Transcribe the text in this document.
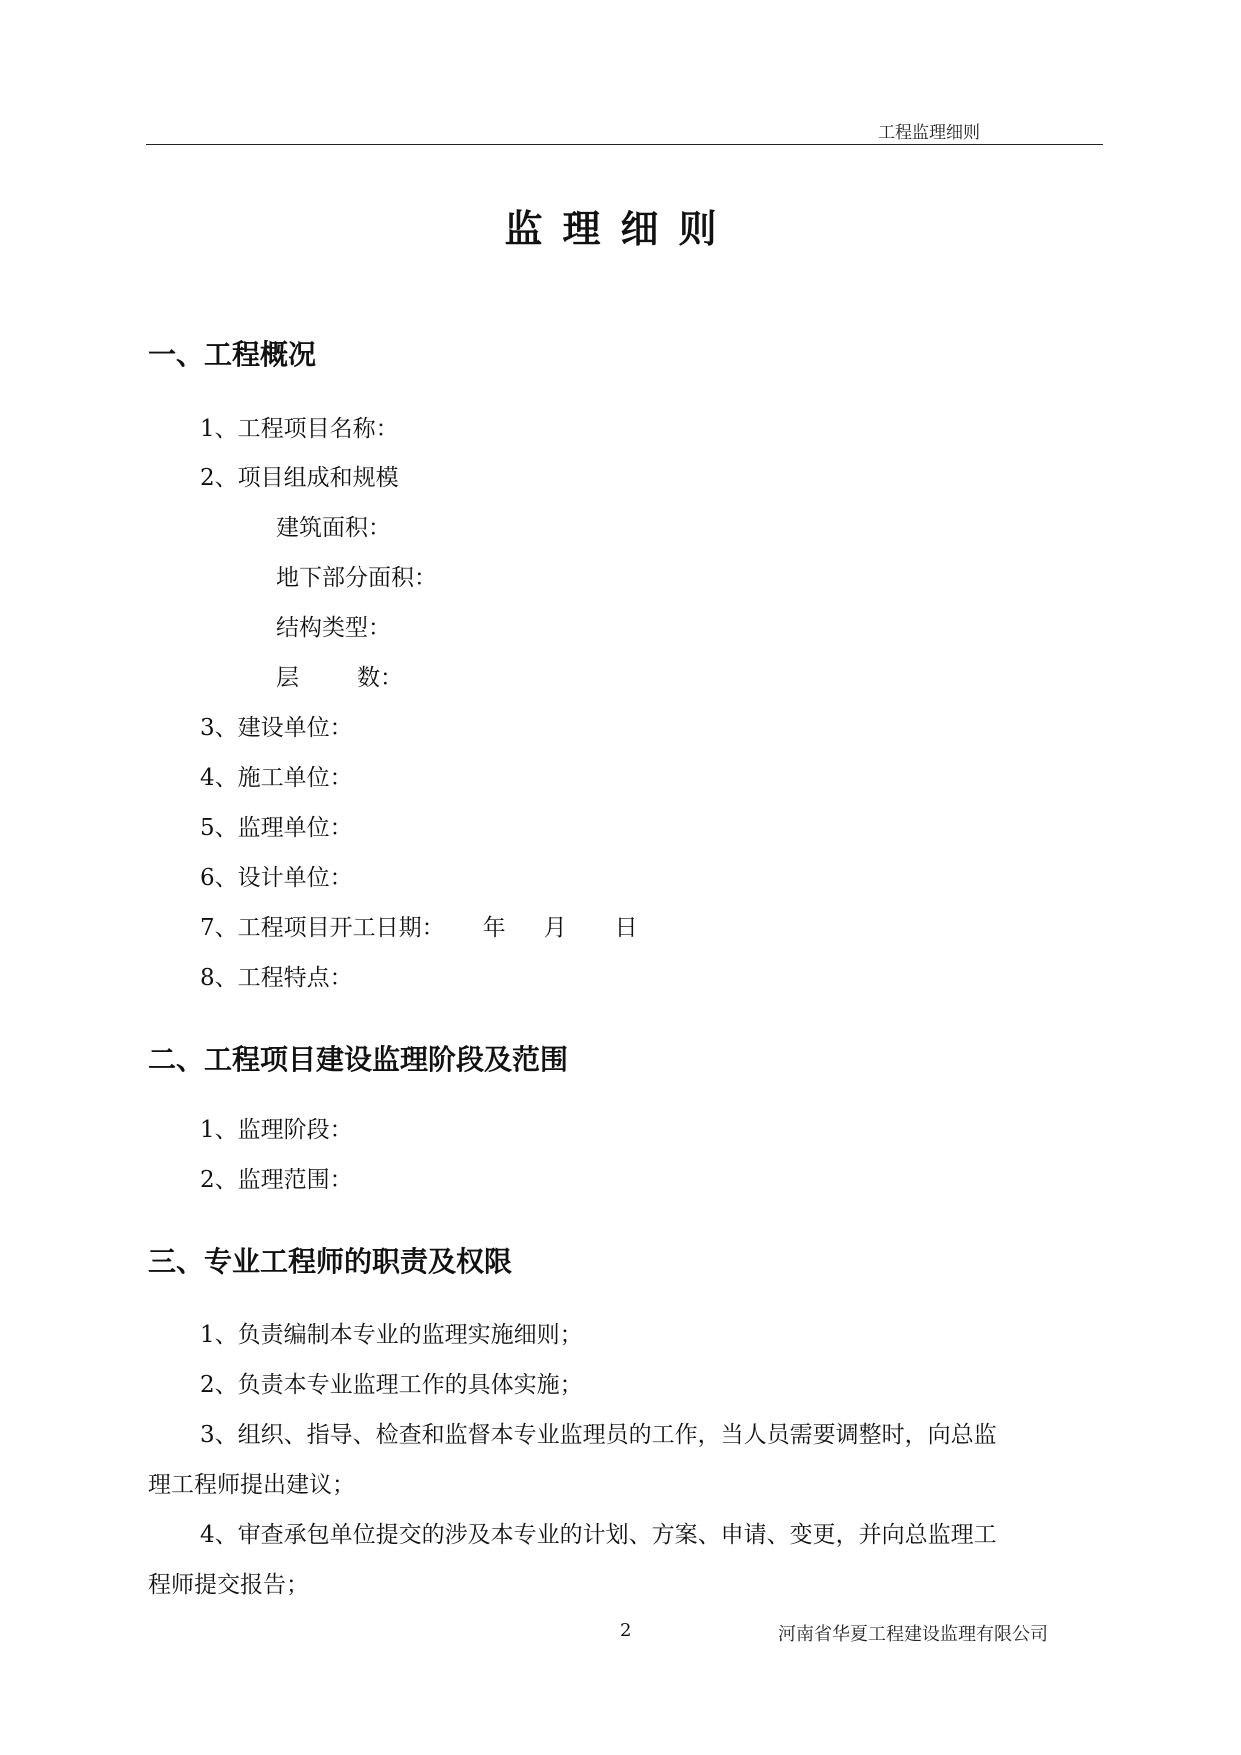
工程监理细则
监理细则
一、工程概况
1、工程项目名称：
2、项目组成和规模
建筑面积：
地下部分面积：
结构类型：
层	数：
3、建设单位：
4、施工单位：
5、监理单位：
6、设计单位：
7、工程项目开工日期： 年 月 日
8、工程特点：
二、工程项目建设监理阶段及范围
1、监理阶段：
2、监理范围：
三、专业工程师的职责及权限
1、负责编制本专业的监理实施细则；
2、负责本专业监理工作的具体实施；
3、组织、指导、检查和监督本专业监理员的工作，当人员需要调整时，向总监
理工程师提出建议；
4、审查承包单位提交的涉及本专业的计划、方案、申请、变更，并向总监理工
程师提交报告；
2	河南省华夏工程建设监理有限公司
